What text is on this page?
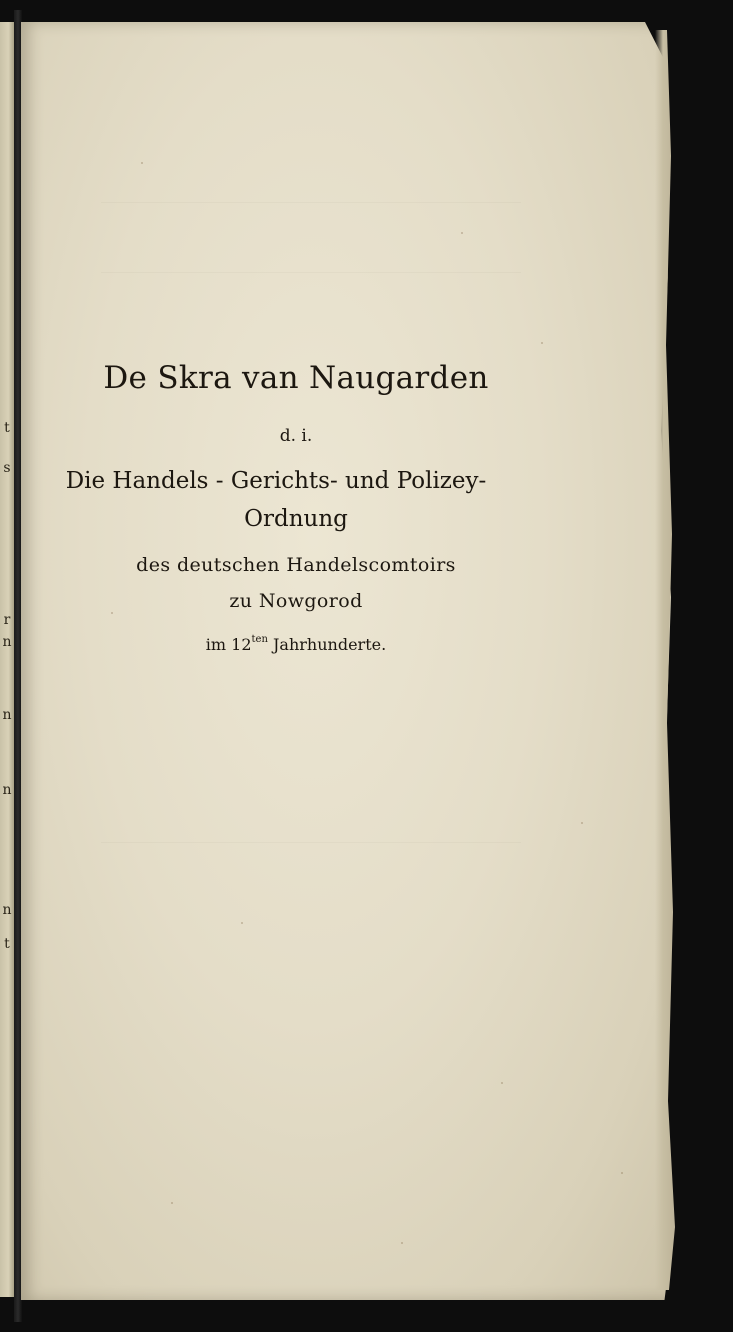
t
s
r
n
n
n
n
t
De Skra van Naugarden
d. i.
Die Handels - Gerichts- und Polizey-
Ordnung
des deutschen Handelscomtoirs
zu Nowgorod
im $12^{ten}$ Jahrhunderte.
